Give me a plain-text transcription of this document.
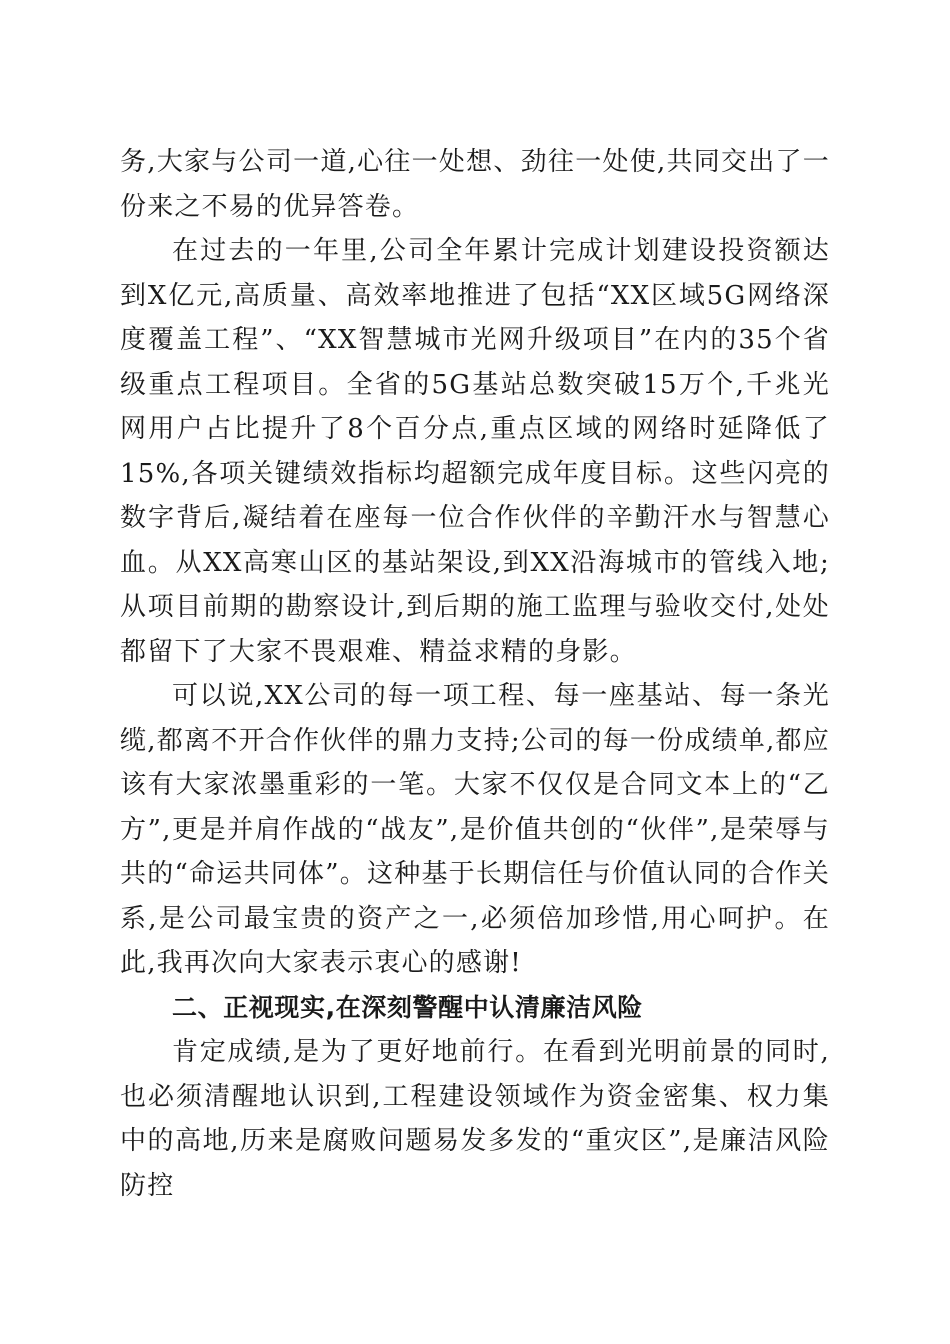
务,大家与公司一道,心往一处想、劲往一处使,共同交出了一份来之不易的优异答卷。

在过去的一年里,公司全年累计完成计划建设投资额达到X亿元,高质量、高效率地推进了包括“XX区域5G网络深度覆盖工程”、“XX智慧城市光网升级项目”在内的35个省级重点工程项目。全省的5G基站总数突破15万个,千兆光网用户占比提升了8个百分点,重点区域的网络时延降低了15%,各项关键绩效指标均超额完成年度目标。这些闪亮的数字背后,凝结着在座每一位合作伙伴的辛勤汗水与智慧心血。从XX高寒山区的基站架设,到XX沿海城市的管线入地;从项目前期的勘察设计,到后期的施工监理与验收交付,处处都留下了大家不畏艰难、精益求精的身影。

可以说,XX公司的每一项工程、每一座基站、每一条光缆,都离不开合作伙伴的鼎力支持;公司的每一份成绩单,都应该有大家浓墨重彩的一笔。大家不仅仅是合同文本上的“乙方”,更是并肩作战的“战友”,是价值共创的“伙伴”,是荣辱与共的“命运共同体”。这种基于长期信任与价值认同的合作关系,是公司最宝贵的资产之一,必须倍加珍惜,用心呵护。在此,我再次向大家表示衷心的感谢!

二、正视现实,在深刻警醒中认清廉洁风险

肯定成绩,是为了更好地前行。在看到光明前景的同时,也必须清醒地认识到,工程建设领域作为资金密集、权力集中的高地,历来是腐败问题易发多发的“重灾区”,是廉洁风险防控
